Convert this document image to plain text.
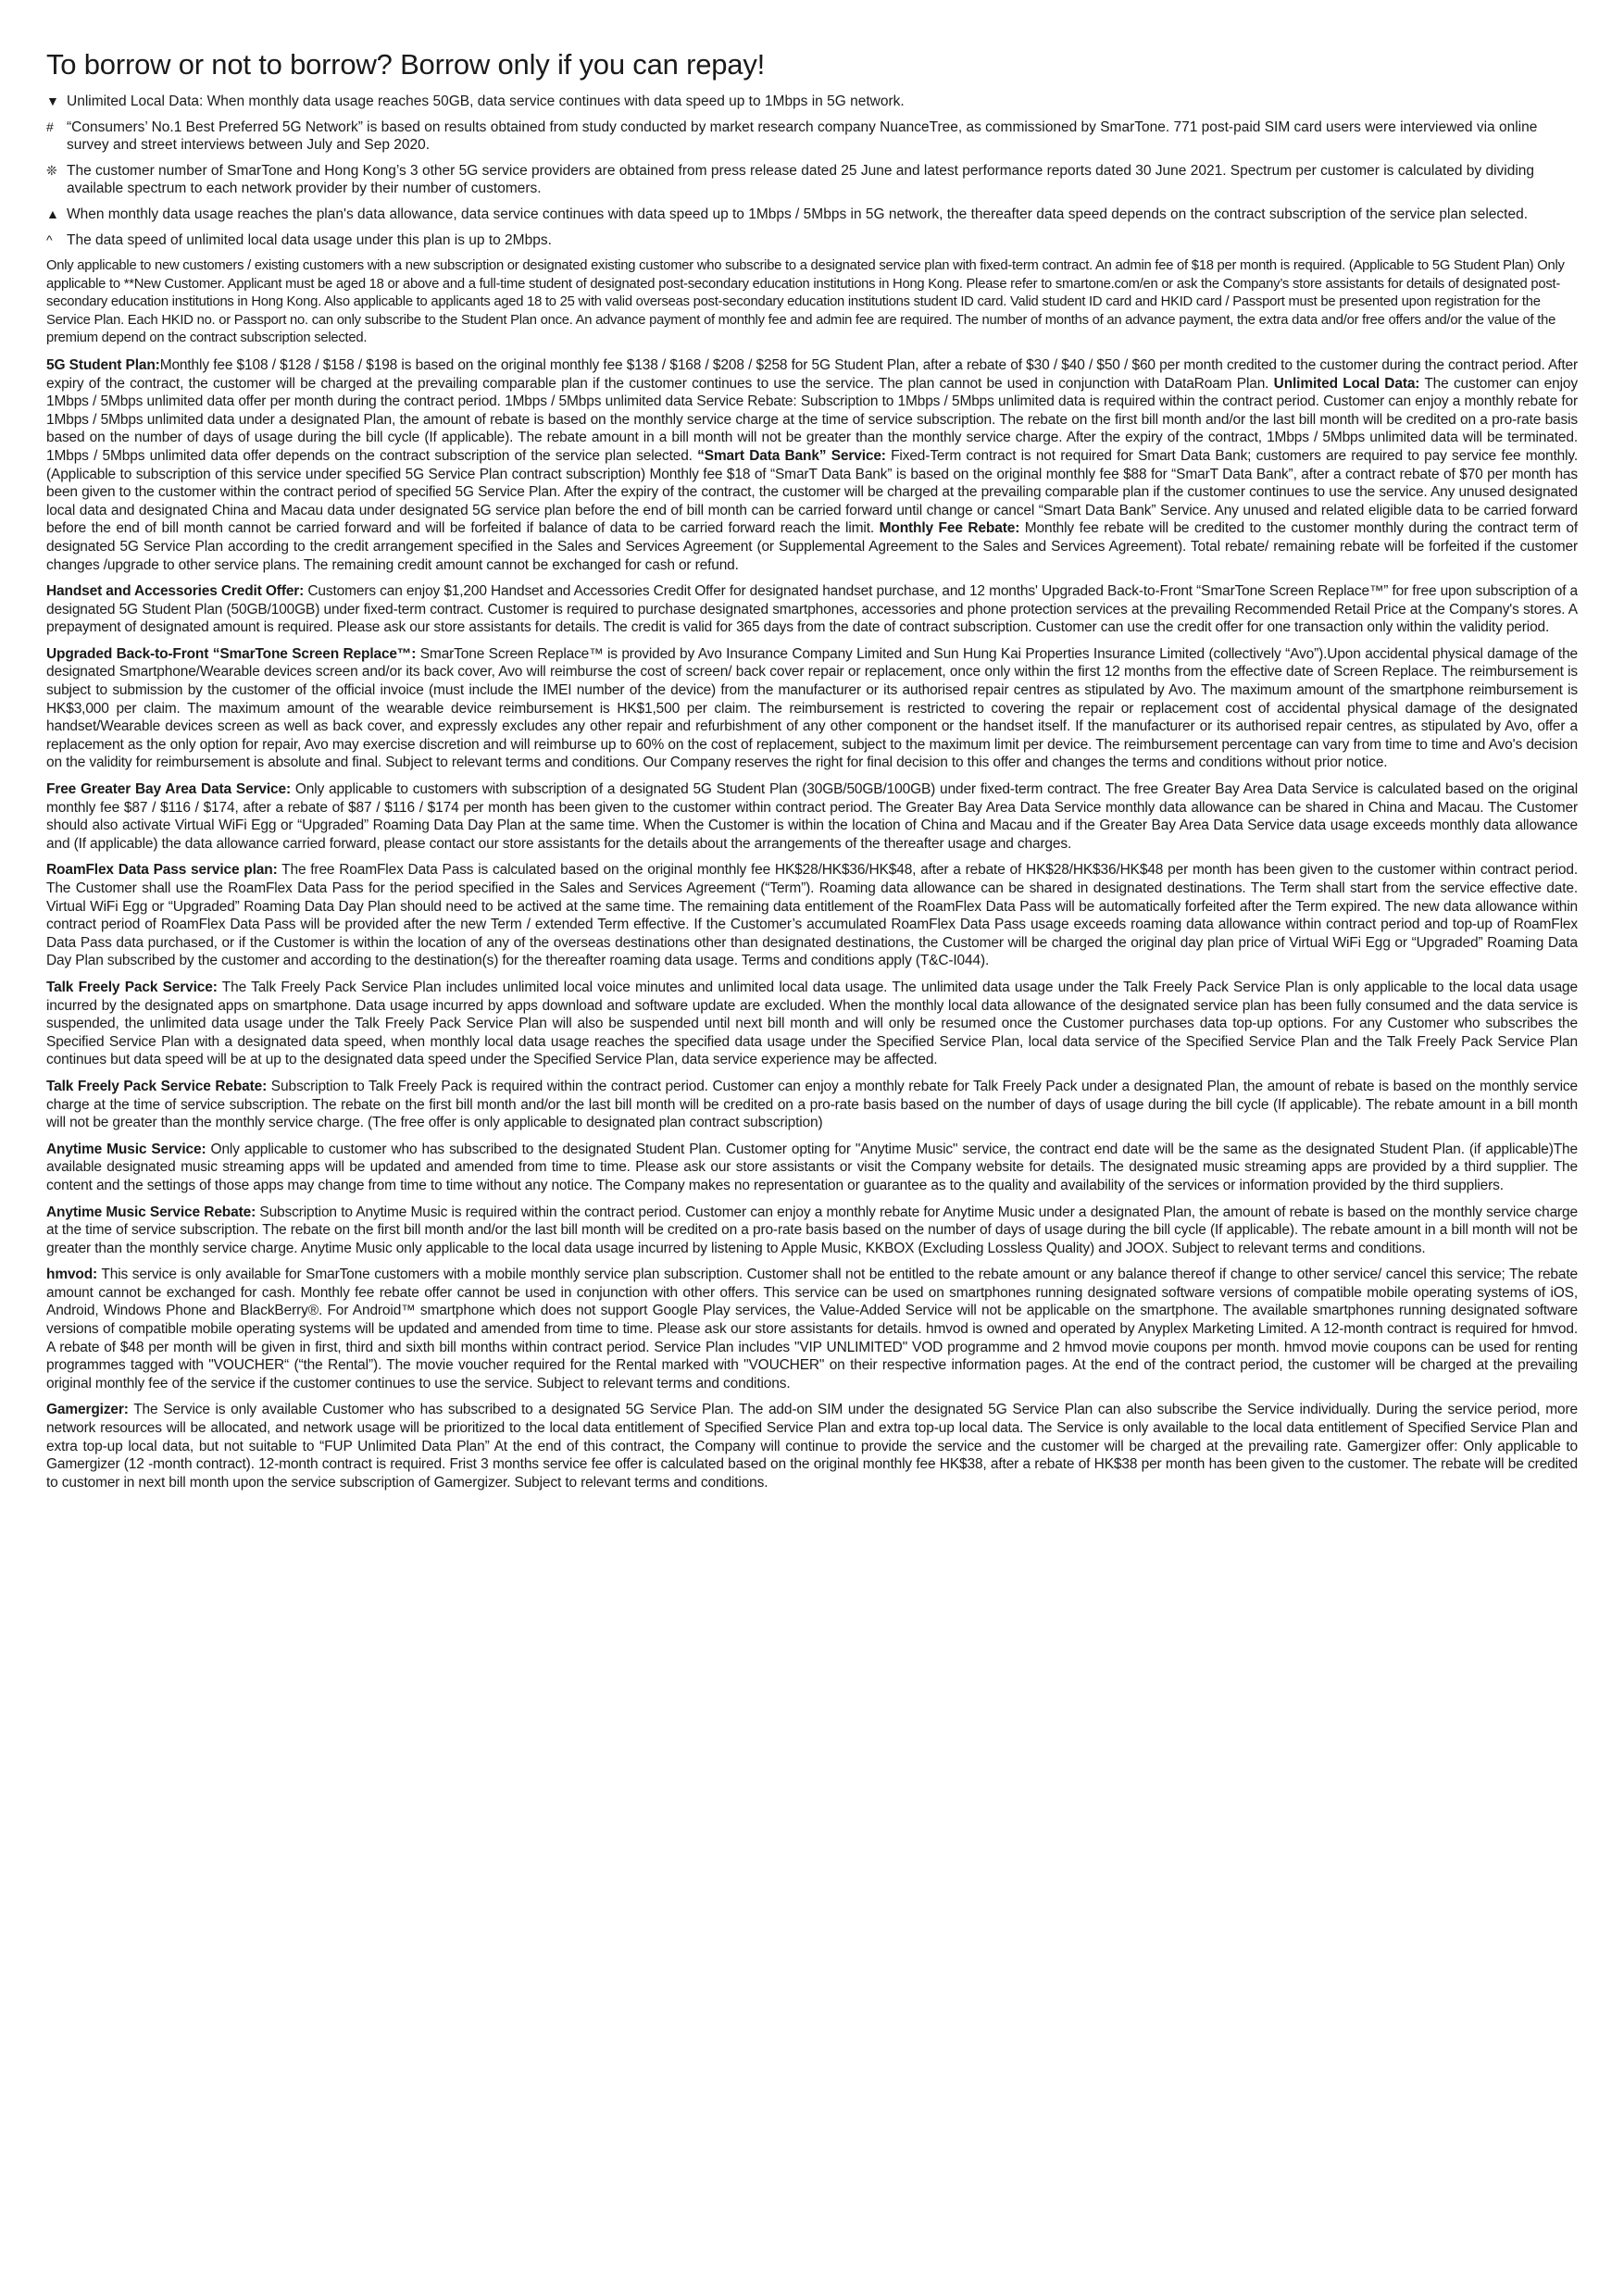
To borrow or not to borrow? Borrow only if you can repay!
▼ Unlimited Local Data: When monthly data usage reaches 50GB, data service continues with data speed up to 1Mbps in 5G network.
# “Consumers’ No.1 Best Preferred 5G Network” is based on results obtained from study conducted by market research company NuanceTree, as commissioned by SmarTone. 771 post-paid SIM card users were interviewed via online survey and street interviews between July and Sep 2020.
❊ The customer number of SmarTone and Hong Kong’s 3 other 5G service providers are obtained from press release dated 25 June and latest performance reports dated 30 June 2021. Spectrum per customer is calculated by dividing available spectrum to each network provider by their number of customers.
▲ When monthly data usage reaches the plan's data allowance, data service continues with data speed up to 1Mbps / 5Mbps in 5G network, the thereafter data speed depends on the contract subscription of the service plan selected.
^ The data speed of unlimited local data usage under this plan is up to 2Mbps.

Only applicable to new customers / existing customers with a new subscription or designated existing customer who subscribe to a designated service plan with fixed-term contract. An admin fee of $18 per month is required. (Applicable to 5G Student Plan) Only applicable to **New Customer. Applicant must be aged 18 or above and a full-time student of designated post-secondary education institutions in Hong Kong. Please refer to smartone.com/en or ask the Company’s store assistants for details of designated post-secondary education institutions in Hong Kong. Also applicable to applicants aged 18 to 25 with valid overseas post-secondary education institutions student ID card. Valid student ID card and HKID card / Passport must be presented upon registration for the Service Plan. Each HKID no. or Passport no. can only subscribe to the Student Plan once. An advance payment of monthly fee and admin fee are required. The number of months of an advance payment, the extra data and/or free offers and/or the value of the premium depend on the contract subscription selected.

5G Student Plan:Monthly fee $108 / $128 / $158 / $198 is based on the original monthly fee $138 / $168 / $208 / $258 for 5G Student Plan, after a rebate of $30 / $40 / $50 / $60 per month credited to the customer during the contract period. After expiry of the contract, the customer will be charged at the prevailing comparable plan if the customer continues to use the service. The plan cannot be used in conjunction with DataRoam Plan. Unlimited Local Data: The customer can enjoy 1Mbps / 5Mbps unlimited data offer per month during the contract period. 1Mbps / 5Mbps unlimited data Service Rebate: Subscription to 1Mbps / 5Mbps unlimited data is required within the contract period. Customer can enjoy a monthly rebate for 1Mbps / 5Mbps unlimited data under a designated Plan, the amount of rebate is based on the monthly service charge at the time of service subscription. The rebate on the first bill month and/or the last bill month will be credited on a pro-rate basis based on the number of days of usage during the bill cycle (If applicable). The rebate amount in a bill month will not be greater than the monthly service charge. After the expiry of the contract, 1Mbps / 5Mbps unlimited data will be terminated. 1Mbps / 5Mbps unlimited data offer depends on the contract subscription of the service plan selected. “Smart Data Bank” Service: Fixed-Term contract is not required for Smart Data Bank; customers are required to pay service fee monthly. (Applicable to subscription of this service under specified 5G Service Plan contract subscription) Monthly fee $18 of “SmarT Data Bank” is based on the original monthly fee $88 for “SmarT Data Bank”, after a contract rebate of $70 per month has been given to the customer within the contract period of specified 5G Service Plan. After the expiry of the contract, the customer will be charged at the prevailing comparable plan if the customer continues to use the service. Any unused designated local data and designated China and Macau data under designated 5G service plan before the end of bill month can be carried forward until change or cancel “Smart Data Bank” Service. Any unused and related eligible data to be carried forward before the end of bill month cannot be carried forward and will be forfeited if balance of data to be carried forward reach the limit. Monthly Fee Rebate: Monthly fee rebate will be credited to the customer monthly during the contract term of designated 5G Service Plan according to the credit arrangement specified in the Sales and Services Agreement (or Supplemental Agreement to the Sales and Services Agreement). Total rebate/ remaining rebate will be forfeited if the customer changes /upgrade to other service plans. The remaining credit amount cannot be exchanged for cash or refund.

Handset and Accessories Credit Offer: Customers can enjoy $1,200 Handset and Accessories Credit Offer for designated handset purchase, and 12 months' Upgraded Back-to-Front “SmarTone Screen Replace™” for free upon subscription of a designated 5G Student Plan (50GB/100GB) under fixed-term contract. Customer is required to purchase designated smartphones, accessories and phone protection services at the prevailing Recommended Retail Price at the Company's stores. A prepayment of designated amount is required. Please ask our store assistants for details. The credit is valid for 365 days from the date of contract subscription. Customer can use the credit offer for one transaction only within the validity period.

Upgraded Back-to-Front “SmarTone Screen Replace™: SmarTone Screen Replace™ is provided by Avo Insurance Company Limited and Sun Hung Kai Properties Insurance Limited (collectively “Avo”).Upon accidental physical damage of the designated Smartphone/Wearable devices screen and/or its back cover, Avo will reimburse the cost of screen/ back cover repair or replacement, once only within the first 12 months from the effective date of Screen Replace. The reimbursement is subject to submission by the customer of the official invoice (must include the IMEI number of the device) from the manufacturer or its authorised repair centres as stipulated by Avo. The maximum amount of the smartphone reimbursement is HK$3,000 per claim. The maximum amount of the wearable device reimbursement is HK$1,500 per claim. The reimbursement is restricted to covering the repair or replacement cost of accidental physical damage of the designated handset/Wearable devices screen as well as back cover, and expressly excludes any other repair and refurbishment of any other component or the handset itself. If the manufacturer or its authorised repair centres, as stipulated by Avo, offer a replacement as the only option for repair, Avo may exercise discretion and will reimburse up to 60% on the cost of replacement, subject to the maximum limit per device. The reimbursement percentage can vary from time to time and Avo's decision on the validity for reimbursement is absolute and final. Subject to relevant terms and conditions. Our Company reserves the right for final decision to this offer and changes the terms and conditions without prior notice.

Free Greater Bay Area Data Service: Only applicable to customers with subscription of a designated 5G Student Plan (30GB/50GB/100GB) under fixed-term contract. The free Greater Bay Area Data Service is calculated based on the original monthly fee $87 / $116 / $174, after a rebate of $87 / $116 / $174 per month has been given to the customer within contract period. The Greater Bay Area Data Service monthly data allowance can be shared in China and Macau. The Customer should also activate Virtual WiFi Egg or “Upgraded” Roaming Data Day Plan at the same time. When the Customer is within the location of China and Macau and if the Greater Bay Area Data Service data usage exceeds monthly data allowance and (If applicable) the data allowance carried forward, please contact our store assistants for the details about the arrangements of the thereafter usage and charges.

RoamFlex Data Pass service plan: The free RoamFlex Data Pass is calculated based on the original monthly fee HK$28/HK$36/HK$48, after a rebate of HK$28/HK$36/HK$48 per month has been given to the customer within contract period. The Customer shall use the RoamFlex Data Pass for the period specified in the Sales and Services Agreement (“Term”). Roaming data allowance can be shared in designated destinations. The Term shall start from the service effective date. Virtual WiFi Egg or “Upgraded” Roaming Data Day Plan should need to be actived at the same time. The remaining data entitlement of the RoamFlex Data Pass will be automatically forfeited after the Term expired. The new data allowance within contract period of RoamFlex Data Pass will be provided after the new Term / extended Term effective. If the Customer’s accumulated RoamFlex Data Pass usage exceeds roaming data allowance within contract period and top-up of RoamFlex Data Pass data purchased, or if the Customer is within the location of any of the overseas destinations other than designated destinations, the Customer will be charged the original day plan price of Virtual WiFi Egg or “Upgraded” Roaming Data Day Plan subscribed by the customer and according to the destination(s) for the thereafter roaming data usage. Terms and conditions apply (T&C-I044).

Talk Freely Pack Service: The Talk Freely Pack Service Plan includes unlimited local voice minutes and unlimited local data usage. The unlimited data usage under the Talk Freely Pack Service Plan is only applicable to the local data usage incurred by the designated apps on smartphone. Data usage incurred by apps download and software update are excluded. When the monthly local data allowance of the designated service plan has been fully consumed and the data service is suspended, the unlimited data usage under the Talk Freely Pack Service Plan will also be suspended until next bill month and will only be resumed once the Customer purchases data top-up options. For any Customer who subscribes the Specified Service Plan with a designated data speed, when monthly local data usage reaches the specified data usage under the Specified Service Plan, local data service of the Specified Service Plan and the Talk Freely Pack Service Plan continues but data speed will be at up to the designated data speed under the Specified Service Plan, data service experience may be affected.

Talk Freely Pack Service Rebate: Subscription to Talk Freely Pack is required within the contract period. Customer can enjoy a monthly rebate for Talk Freely Pack under a designated Plan, the amount of rebate is based on the monthly service charge at the time of service subscription. The rebate on the first bill month and/or the last bill month will be credited on a pro-rate basis based on the number of days of usage during the bill cycle (If applicable). The rebate amount in a bill month will not be greater than the monthly service charge. (The free offer is only applicable to designated plan contract subscription)

Anytime Music Service: Only applicable to customer who has subscribed to the designated Student Plan. Customer opting for "Anytime Music" service, the contract end date will be the same as the designated Student Plan. (if applicable)The available designated music streaming apps will be updated and amended from time to time. Please ask our store assistants or visit the Company website for details. The designated music streaming apps are provided by a third supplier. The content and the settings of those apps may change from time to time without any notice. The Company makes no representation or guarantee as to the quality and availability of the services or information provided by the third suppliers.

Anytime Music Service Rebate: Subscription to Anytime Music is required within the contract period. Customer can enjoy a monthly rebate for Anytime Music under a designated Plan, the amount of rebate is based on the monthly service charge at the time of service subscription. The rebate on the first bill month and/or the last bill month will be credited on a pro-rate basis based on the number of days of usage during the bill cycle (If applicable). The rebate amount in a bill month will not be greater than the monthly service charge. Anytime Music only applicable to the local data usage incurred by listening to Apple Music, KKBOX (Excluding Lossless Quality) and JOOX. Subject to relevant terms and conditions.

hmvod: This service is only available for SmarTone customers with a mobile monthly service plan subscription. Customer shall not be entitled to the rebate amount or any balance thereof if change to other service/ cancel this service; The rebate amount cannot be exchanged for cash. Monthly fee rebate offer cannot be used in conjunction with other offers. This service can be used on smartphones running designated software versions of compatible mobile operating systems of iOS, Android, Windows Phone and BlackBerry®. For Android™ smartphone which does not support Google Play services, the Value-Added Service will not be applicable on the smartphone. The available smartphones running designated software versions of compatible mobile operating systems will be updated and amended from time to time. Please ask our store assistants for details. hmvod is owned and operated by Anyplex Marketing Limited. A 12-month contract is required for hmvod. A rebate of $48 per month will be given in first, third and sixth bill months within contract period. Service Plan includes "VIP UNLIMITED" VOD programme and 2 hmvod movie coupons per month. hmvod movie coupons can be used for renting programmes tagged with "VOUCHER“ (“the Rental”). The movie voucher required for the Rental marked with "VOUCHER" on their respective information pages. At the end of the contract period, the customer will be charged at the prevailing original monthly fee of the service if the customer continues to use the service. Subject to relevant terms and conditions.

Gamergizer: The Service is only available Customer who has subscribed to a designated 5G Service Plan. The add-on SIM under the designated 5G Service Plan can also subscribe the Service individually. During the service period, more network resources will be allocated, and network usage will be prioritized to the local data entitlement of Specified Service Plan and extra top-up local data. The Service is only available to the local data entitlement of Specified Service Plan and extra top-up local data, but not suitable to “FUP Unlimited Data Plan” At the end of this contract, the Company will continue to provide the service and the customer will be charged at the prevailing rate. Gamergizer offer: Only applicable to Gamergizer (12 -month contract). 12-month contract is required. Frist 3 months service fee offer is calculated based on the original monthly fee HK$38, after a rebate of HK$38 per month has been given to the customer. The rebate will be credited to customer in next bill month upon the service subscription of Gamergizer. Subject to relevant terms and conditions.
